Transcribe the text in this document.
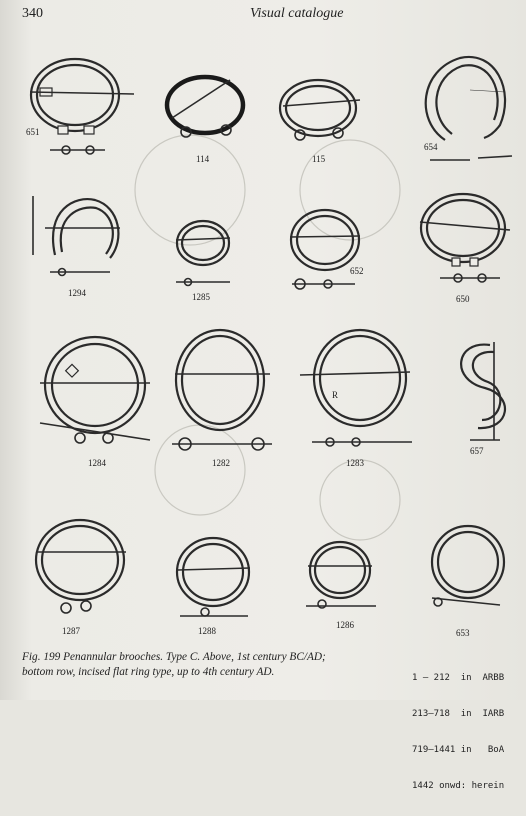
340	Visual catalogue
R
651
114	115
654
1294	1285
652
650
1284	1282	1283
657
1287	1288
1286
653
Fig. 199 Penannular brooches. Type C. Above, 1st century BC/AD;
bottom row, incised flat ring type, up to 4th century AD.

	1 – 212  in  ARBB

213–718  in  IARB

719–1441 in   BoA

1442 onwd: herein
